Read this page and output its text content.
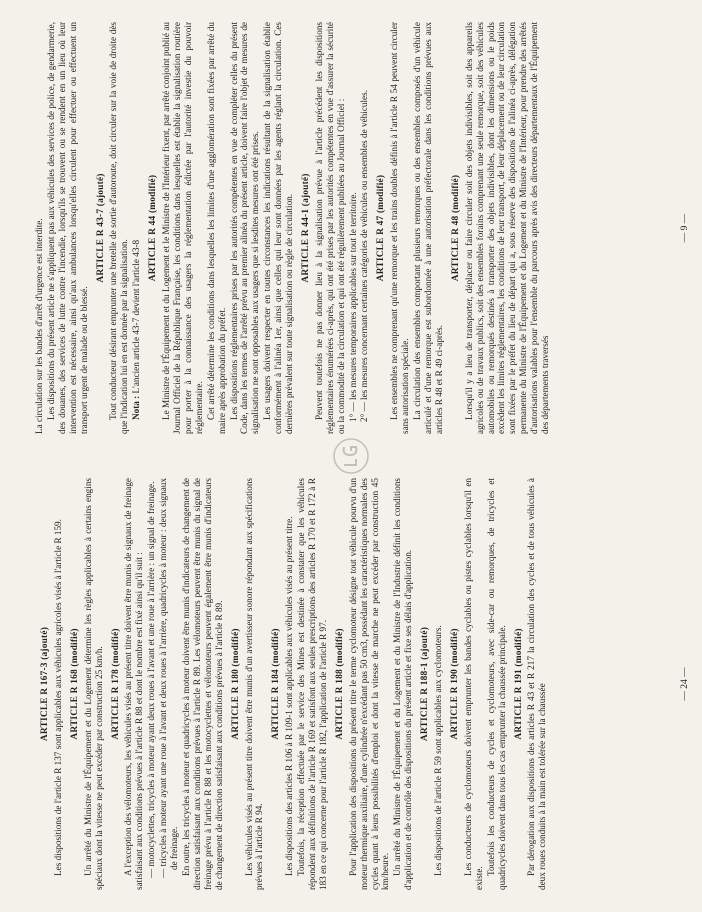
ARTICLE R 167-3 (ajouté) Les dispositions de l'article R 137 sont applicables aux véhicules agricoles visés à l'article R 159. ARTICLE R 168 (modifié) Un arrêté du Ministre de l'Équipement et du Logement détermine les règles applicables à certains engins spéciaux dont la vitesse ne peut excéder par construction 25 km/h. ARTICLE R 178 (modifié) A l'exception des vélomoteurs, les véhicules visés au présent titre doivent être munis de signaux de freinage satisfaisant aux conditions prévues à l'article R 88 et dont le nombre est fixé ainsi qu'il suit : — motocyclettes, tricycles à moteur ayant deux roues à l'avant et une roue à l'arrière : un signal de freinage. — tricycles à moteur ayant une roue à l'avant et deux roues à l'arrière, quadricycles à moteur : deux signaux de freinage. En outre, les tricycles à moteur et quadricycles à moteur doivent être munis d'indicateurs de changement de direction satisfaisant aux conditions prévues à l'article R 89. Les vélomoteurs peuvent être munis du signal de freinage prévu à l'article R 88 et les motocyclettes et vélomoteurs peuvent également être munis d'indicateurs de changement de direction satisfaisant aux conditions prévues à l'article R 89. ARTICLE R 180 (modifié) Les véhicules visés au présent titre doivent être munis d'un avertisseur sonore répondant aux spécifications prévues à l'article R 94.

ARTICLE R 184 (modifié) Les dispositions des articles R 106 à R 109-1 sont applicables aux véhicules visés au présent titre. Toutefois, la réception effectuée par le service des Mines est destinée à constater que les véhicules répondent aux définitions de l'article R 169 et satisfont aux seules prescriptions des articles R 170 et R 172 à R 183 en ce qui concerne pour l'article R 182, l'application de l'article R 97. ARTICLE R 188 (modifié) Pour l'application des dispositions du présent titre le terme cyclomoteur désigne tout véhicule pourvu d'un moteur thermique auxiliaire, d'une cylindrée n'excédant pas 50 cm3, possédant les caractéristiques normales des cycles quant à leurs possibilités d'emploi et dont la vitesse de marche ne peut excéder par construction 45 km/heure. Un arrêté du Ministre de l'Équipement et du Logement et du Ministre de l'Industrie définit les conditions d'application et de contrôle des dispositions du présent article et fixe ses délais d'application. ARTICLE R 188-1 (ajouté) Les dispositions de l'article R 59 sont applicables aux cyclomoteurs. ARTICLE R 190 (modifié) Les conducteurs de cyclomoteurs doivent emprunter les bandes cyclables ou pistes cyclables lorsqu'il en existe.

Toutefois les conducteurs de cycles et cyclomoteurs, avec side-car ou remorques, de tricycles et quadricycles doivent dans tous les cas emprunter la chaussée principale. ARTICLE R 191 (modifié) Par dérogation aux dispositions des articles R 43 et R 217 la circulation des cycles et de tous véhicules à deux roues conduits à la main est tolérée sur la chaussée	— 24 —

La circulation sur les bandes d'arrêt d'urgence est interdite. Les dispositions du présent article ne s'appliquent pas aux véhicules des services de police, de gendarmerie, des douanes, des services de lutte contre l'incendie, lorsqu'ils se trouvent ou se rendent en un lieu où leur intervention est nécessaire, ainsi qu'aux ambulances lorsqu'elles circulent pour effectuer ou effectuent un transport urgent de malade ou de blessé.

ARTICLE R 43-7 (ajouté) Tout conducteur désirant emprunter une bretelle de sortie d'autoroute, doit circuler sur la voie de droite dès que l'indication lui en est donnée par la signalisation. Nota : L'ancien article 43-7 devient l'article 43-8

ARTICLE R 44 (modifié) Le Ministre de l'Équipement et du Logement et le Ministre de l'Intérieur fixent, par arrêté conjoint publié au Journal Officiel de la République Française, les conditions dans lesquelles est établie la signalisation routière pour porter à la connaissance des usagers la réglementation édictée par l'autorité investie du pouvoir réglementaire. Cet arrêté détermine les conditions dans lesquelles les limites d'une agglomération sont fixées par arrêté du maire après approbation du préfet. Les dispositions réglementaires prises par les autorités compétentes en vue de compléter celles du présent Code, dans les termes de l'arrêté prévu au premier alinéa du présent article, doivent faire l'objet de mesures de signalisation ne sont opposables aux usagers que si lesdites mesures ont été prises. Les usagers doivent respecter en toutes circonstances les indications résultant de la signalisation établie conformément à l'alinéa 1er, ainsi que celles qui leur sont données par les agents réglant la circulation. Ces dernières prévalent sur toute signalisation ou règle de circulation. ARTICLE R 44-1 (ajouté) Peuvent toutefois ne pas donner lieu à la signalisation prévue à l'article précédent les dispositions réglementaires énumérées ci-après, qui ont été prises par les autorités compétentes en vue d'assurer la sécurité ou la commodité de la circulation et qui ont été régulièrement publiées au Journal Officiel : 1° — les mesures temporaires applicables sur tout le territoire. 2° — les mesures concernant certaines catégories de véhicules ou ensembles de véhicules. ARTICLE R 47 (modifié) Les ensembles ne comprenant qu'une remorque et les trains doubles définis à l'article R 54 peuvent circuler sans autorisation spéciale. La circulation des ensembles comportant plusieurs remorques ou des ensembles composés d'un véhicule articulé et d'une remorque est subordonnée à une autorisation préfectorale dans les conditions prévues aux articles R 48 et R 49 ci-après.

ARTICLE R 48 (modifié) Lorsqu'il y a lieu de transporter, déplacer ou faire circuler soit des objets indivisibles, soit des appareils agricoles ou de travaux publics, soit des ensembles forains comprenant une seule remorque, soit des véhicules automobiles ou remorqués destinés à transporter des objets indivisibles, dont les dimensions ou le poids excèdent les limites réglementaires, les conditions de leur transport, de leur déplacement ou de leur circulation sont fixées par le préfet du lieu de départ qui a, sous réserve des dispositions de l'alinéa ci-après, délégation permanente du Ministre de l'Équipement et du Logement et du Ministre de l'Intérieur, pour prendre des arrêtés d'autorisations valables pour l'ensemble du parcours après avis des directeurs départementaux de l'Équipement des départements traversés

— 9 —
